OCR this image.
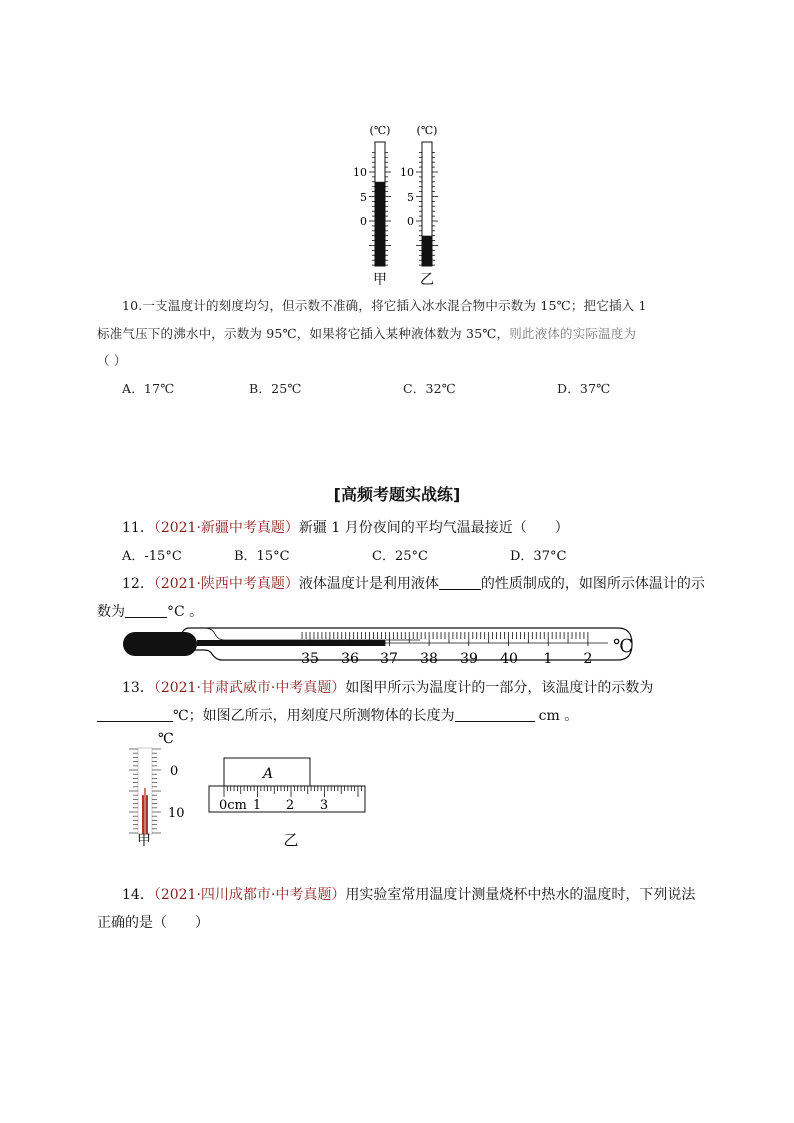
(℃)
10
5
0
甲
(℃)
10
5
0
乙
10.一支温度计的刻度均匀，但示数不准确，将它插入冰水混合物中示数为 15℃；把它插入 1
标准气压下的沸水中，示数为 95℃，如果将它插入某种液体数为 35℃，则此液体的实际温度为
（ ）
A．17℃	B．25℃	C．32℃	D．37℃
[高频考题实战练]
11．（2021·新疆中考真题）新疆 1 月份夜间的平均气温最接近（　　）
A．-15°C	B．15°C	C．25°C	D．37°C
12．（2021·陕西中考真题）液体温度计是利用液体	的性质制成的，如图所示体温计的示
数为	°C 。
35 36 37 38 39 40 1 2
℃
13．（2021·甘肃武威市·中考真题）如图甲所示为温度计的一部分，该温度计的示数为
℃；如图乙所示，用刻度尺所测物体的长度为	cm 。
℃
0
10
甲
A
0cm 1 2 3
乙
14．（2021·四川成都市·中考真题）用实验室常用温度计测量烧杯中热水的温度时，下列说法
正确的是（　　）
